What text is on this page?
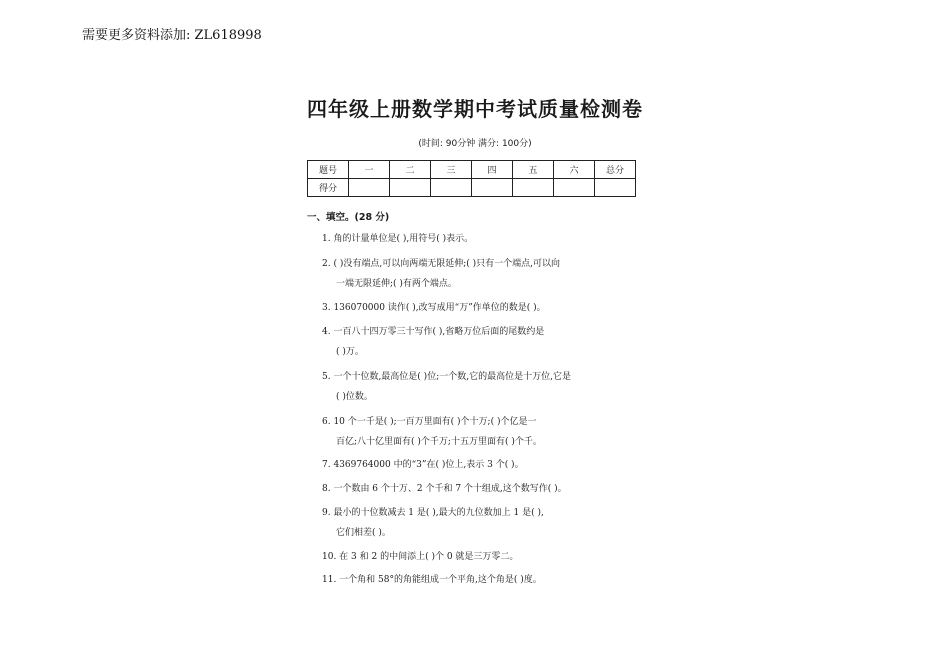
需要更多资料添加: ZL618998
四年级上册数学期中考试质量检测卷
(时间: 90分钟 满分: 100分)
题号	一	二	三	四	五	六	总分
得分							
一、填空。(28 分)
1. 角的计量单位是( ),用符号( )表示。
2. ( )没有端点,可以向两端无限延伸;( )只有一个端点,可以向
一端无限延伸;( )有两个端点。
3. 136070000 读作( ),改写成用“万”作单位的数是( )。
4. 一百八十四万零三十写作( ),省略万位后面的尾数约是
( )万。
5. 一个十位数,最高位是( )位;一个数,它的最高位是十万位,它是
( )位数。
6. 10 个一千是( );一百万里面有( )个十万;( )个亿是一
百亿;八十亿里面有( )个千万;十五万里面有( )个千。
7. 4369764000 中的“3”在( )位上,表示 3 个( )。
8. 一个数由 6 个十万、2 个千和 7 个十组成,这个数写作( )。
9. 最小的十位数减去 1 是( ),最大的九位数加上 1 是( ),
它们相差( )。
10. 在 3 和 2 的中间添上( )个 0 就是三万零二。
11. 一个角和 58°的角能组成一个平角,这个角是( )度。
